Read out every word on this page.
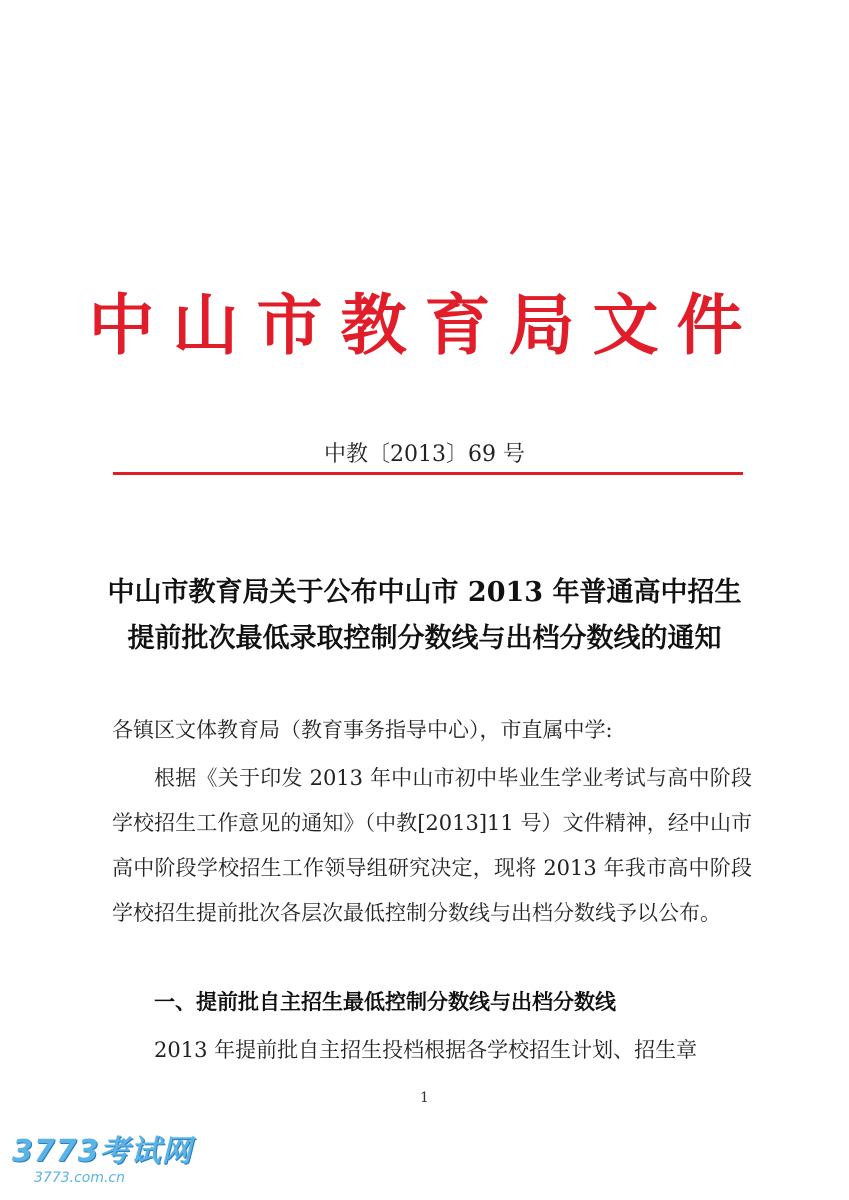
中山市教育局文件
中教〔2013〕69 号
中山市教育局关于公布中山市 2013 年普通高中招生
提前批次最低录取控制分数线与出档分数线的通知
各镇区文体教育局（教育事务指导中心），市直属中学:
根据《关于印发 2013 年中山市初中毕业生学业考试与高中阶段学校招生工作意见的通知》（中教[2013]11 号）文件精神，经中山市高中阶段学校招生工作领导组研究决定，现将 2013 年我市高中阶段学校招生提前批次各层次最低控制分数线与出档分数线予以公布。
一、提前批自主招生最低控制分数线与出档分数线
2013 年提前批自主招生投档根据各学校招生计划、招生章
1
3773考试网
3773.com.cn
